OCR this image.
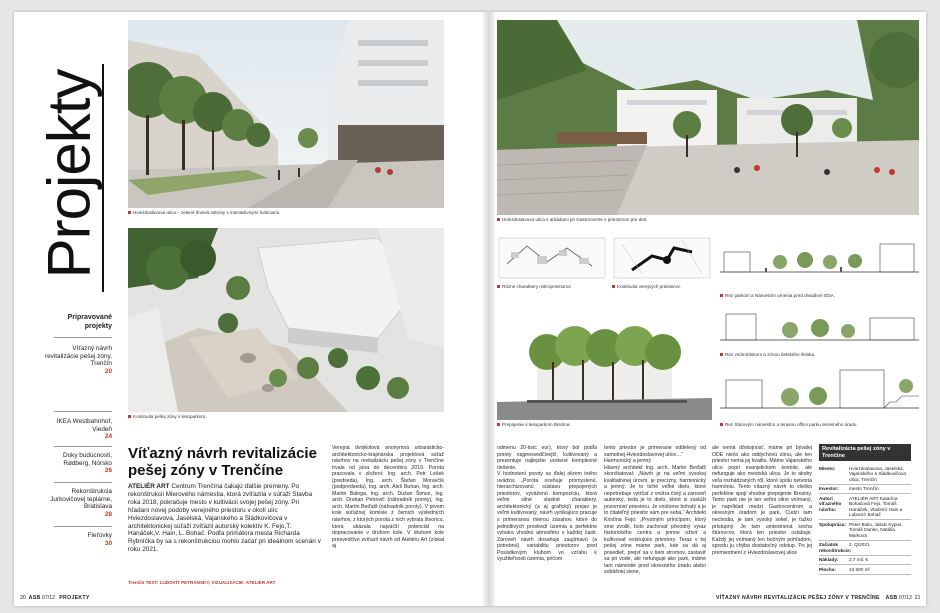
Projekty
Pripravované projekty
Víťazný návrh revitalizácie pešej zóny, Trenčín
20
IKEA Westbahnhof, Viedeň
24
Doky budúcnosti, Rødberg, Nórsko
26
Rekonštrukcia Jurkovičovej teplárne, Bratislava
28
Fleťovky
30
Hviezdoslavova ulica – zelené líniová ostrovy s interaktívnymi funkciami.
Kontinuita pešej zóny s lesoparkom.
Víťazný návrh revitalizácie pešej zóny v Trenčíne
ATELIÉR ART Centrum Trenčína čakajú ďalšie premeny. Po rekonštrukcii Mierového námestia, ktorá zvíťazila v súťaži Stavba roka 2018, pokračuje mesto v kultivácii svojej pešej zóny. Pri hľadaní novej podoby verejného priestoru v okolí ulíc Hviezdoslavova, Jaselská, Vajanského a Sládkovičova v architektonickej súťaži zvíťazil autorský kolektív K. Fejo,T. Hanáček,V. Hain, L. Bohač. Podľa primátora mesta Richarda Rybníčka by sa s rekonštrukciou mohlo začať pri ideálnom scenári v roku 2021.
Trenčín TEXT: ĽUDOVÍT PETRÁNSKY, VIZUALIZÁCIE: ATELIÉR ART
Verejná dvojkolová anonymná urbanisticko-architektonicko-krajinárska projektová súťaž návrhov na revitalizáciu pešej zóny v Trenčíne trvala od júna do decembra 2019. Porota pracovala v zložení: Ing. arch. Petr Lešek (predseda), Ing. arch. Štefan Moravčík (podpredseda), Ing. arch. Aleš Burian, Ing. arch. Martin Baloga, Ing. arch. Dušan Šimun, Ing. arch. Drahan Petrovič (náhradník poroty), Ing. arch. Martin Beďatš (náhradník poroty). V prvom kole súťažnej komisie z ôsmich výsledných návrhov, z ktorých porota z nich vybrala štvoricu, ktorá ukázala najväčší potenciál na dopracovanie v druhom kole. V druhom kole presvedčivo zvíťazil návrh od Ateliéru Art (získal aj
20 ASB 07/12 PROJEKTY
Hviezdoslavova ulica s arkádami pri Gastrocentre s priestorom pre deti.
Rôzne charaktery mikropriestorov.	Kontinuita verejných priestorov.
Rez parkom a Námestím urnenia pred divadlom ODA.
Prepojenie s lesoparkom Brezina.
Rez vnútroblokom a zónou detského ihriska.
Rez Štúrovým námestím a terasou office parku okresného úradu.
odmenu 20-tisíc eur), ktorý bol podľa poroty najpresvedčivejší, kultivovaný a prezentuje najlepšie ucelené komplexné riešenie.
V hodnotení poroty sa ďalej okrem iného uvádza: „Porota oceňuje promyslenú, hierarchizovanú sústavu prepojených priestorov, vyváženú kompozíciu, ktorá veľmi silné vlastné charaktery, architektonický (a aj grafický) prejav je veľmi kultivovaný, návrh vynikajúco pracuje s primeranou mierou zásahov, ktoré do jednotlivých prostredí územia a perfektne vytvára vhodnú atmosféru v každej časti. Zároveň návrh dosahuje zaujímavú (a potrebnú) variabilitu priestorov pred Posádkovým klubom vo vzťahu k využiteľnosti územia, pričom
tento priestor je primerane oddelený od samotnej Hviezdoslavovej ulice…“
Harmonický a jemný
Hlavný architekt Ing. arch. Martin Beďatš skonštatoval: „Návrh je na veľmi vysokej kvalitatívnej úrovni, je precízny, harmonický a jemný. Je to tiché veľké dielo, ktoré nepotrebuje vytŕčať z vnútra čistý a zároveň autorský, teda je to dielo, ktoré si zaslúži pozornosť priestoru. Je vnútorne bohatý a je to čitateľný priestor sám pre seba.“ Architekt Kristína Fejo: „Prvotným princípom, ktorý sme zvolili, bolo zachovať pôvodný výraz historického centra a jemne oživiť a kultivovať existujúce priestory. Teraz v tej pešej zóne máme park, kde sa dá aj posedieť, prejsť sa v tieni stromov, zastaviť sa pri vode, ale nefunguje ako park, máme tam námestie pred okresného úradu alebo sobášnej siene,
ale nemá dôstojnosť, máme pri bývalej ODE niečo ako oddychovú zónu, ale ten priestor nemá jej kvalitu. Máme Vajanského ulicu popri evanjelickom kostole, ale nefunguje ako mestská ulica. Je to akoby veľa rozhádzaných rôl, ktoré spolu netvoria harmóniu. Tento vítazný návrh to všetko perfektne spojí vhodne prepojenie Breziny. Tento park nie je len veľmi silno vnímaný, je napríklad medzi Gastrocentrom a okresným úradom je park. Cudzí tam nechodia, je tam vysoký sokel, je ťažko prístupný. Je tam umiestnená socha štúrovcov, ktorá ten priestor oslabuje. Každý jej vnímaný len bočným pohľadom, spredu ju chýba dostatočný odstup. Po jej premiestnení z Hviezdoslavovej ulice
Revitalizácia pešej zóny v Trenčíne
Miesto:	Hviezdoslavova, Jaselská, Vajanského a Sládkovičova ulica, Trenčín
Investor:	mesto Trenčín
Autori víťazného návrhu:
ATELIÉR ART Katarína Bohačová Fejo, Tomáš Hanáček, Vladimír Hain a Lubomír Bohač
Spolupráca: Peter Bulio, Jakub Kypus, Tomáš Danko, Natália Marková
Začiatok rekonštrukcie:
2. Q/2021
Náklady:	2,7 mil. €
Plocha:	13 600 m²
VÍŤAZNÝ NÁVRH REVITALIZÁCIE PEŠEJ ZÓNY V TRENČÍNE ASB 07/12 21
